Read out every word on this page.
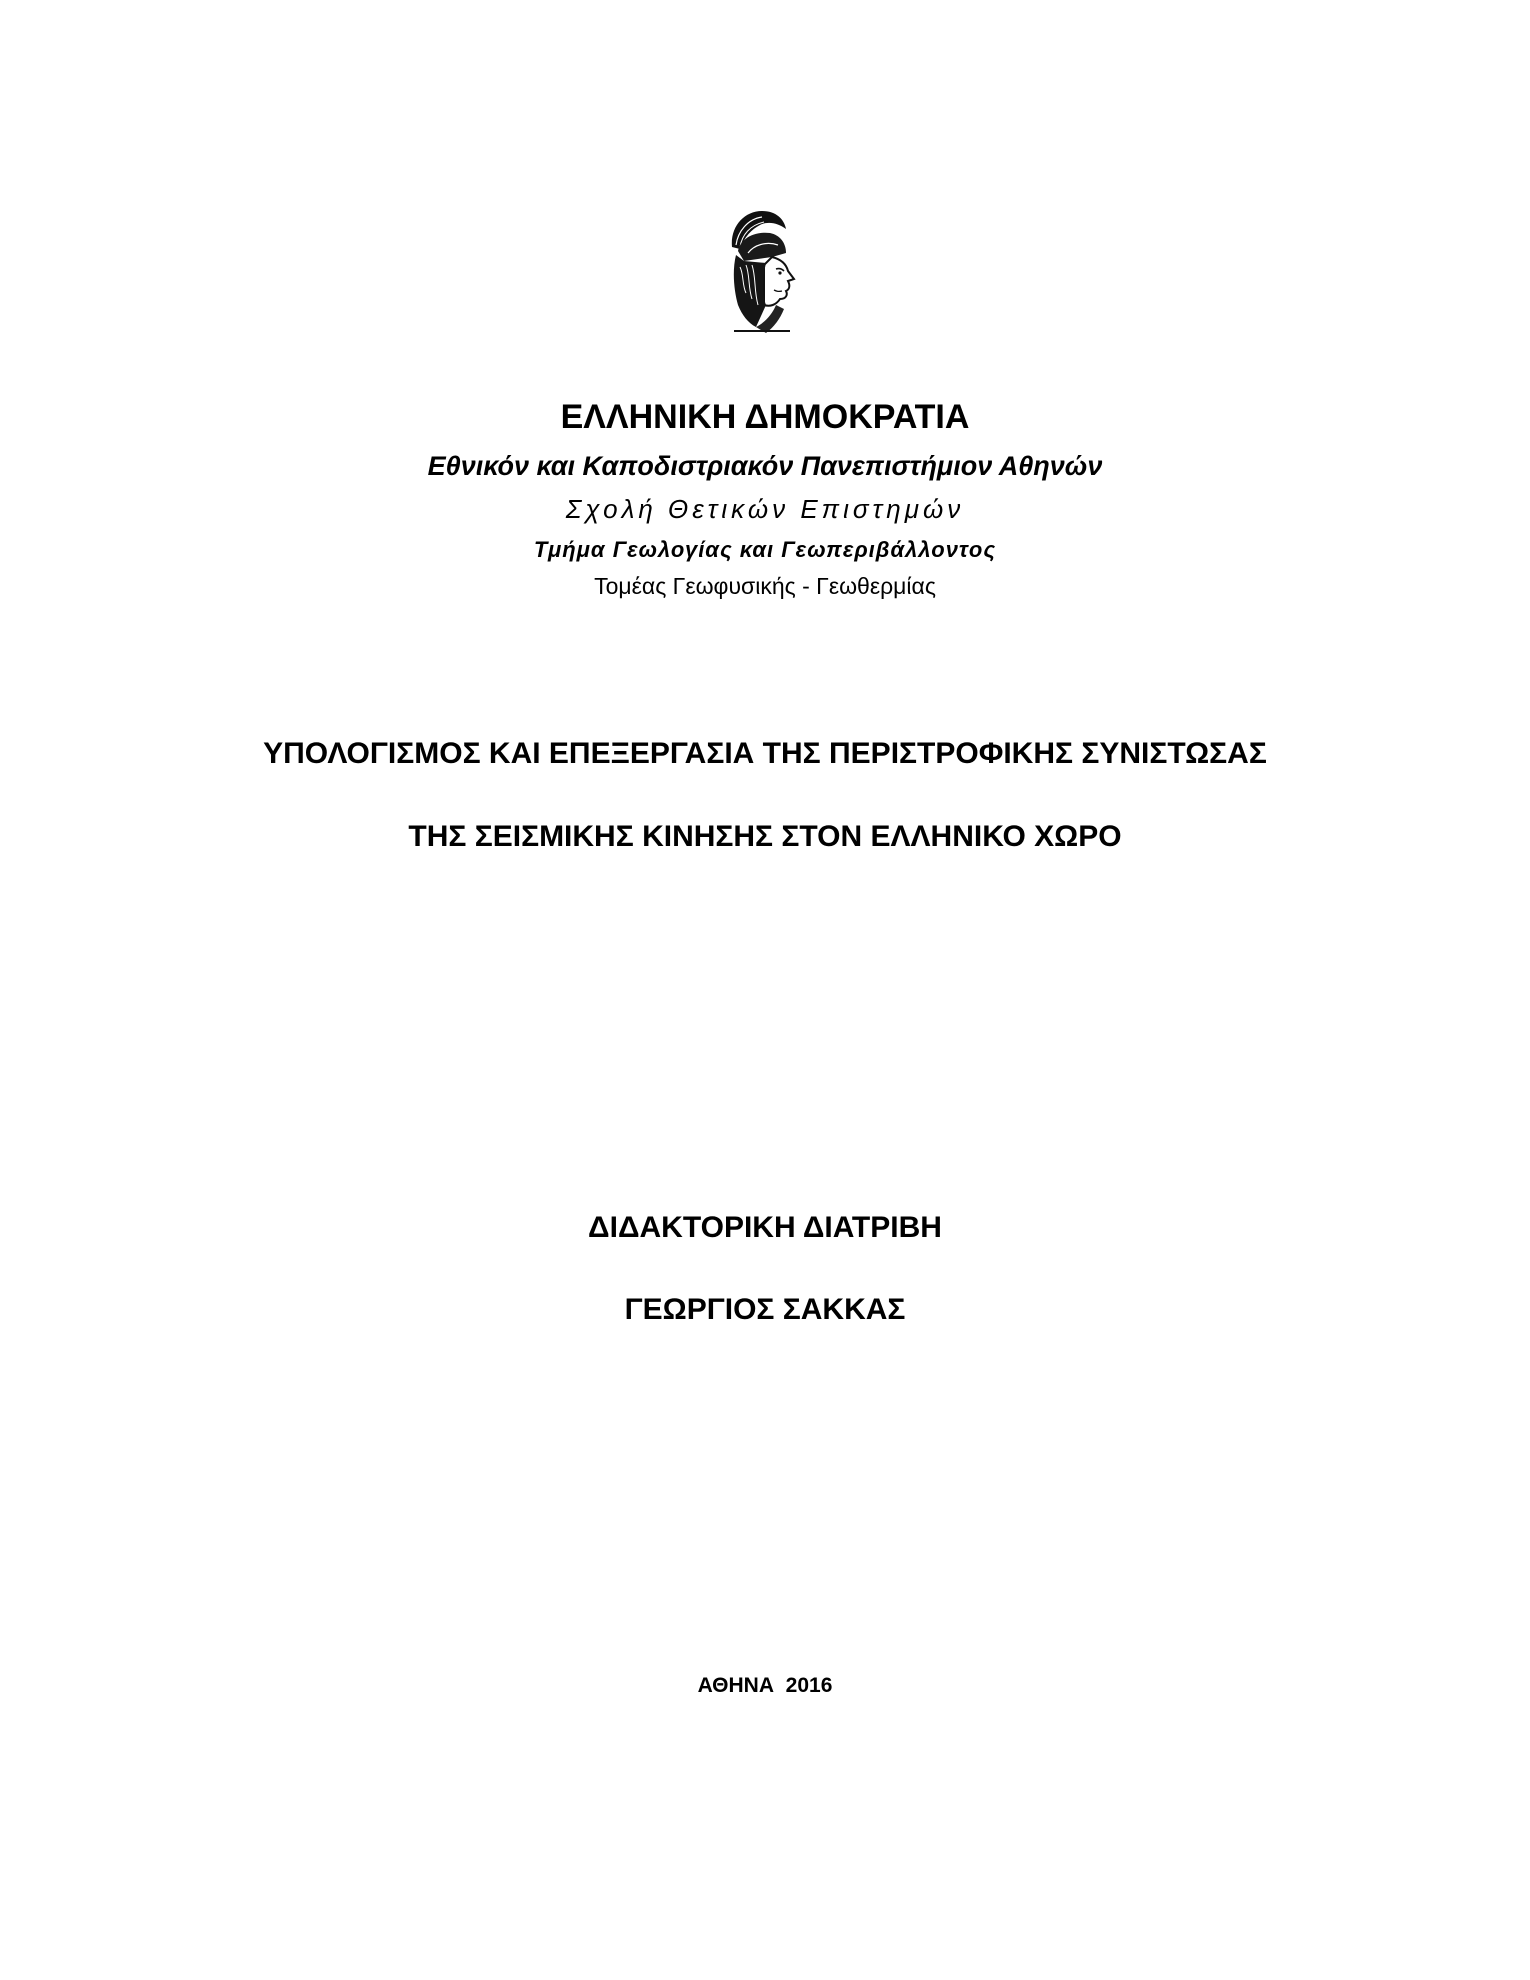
ΕΛΛΗΝΙΚΗ ΔΗΜΟΚΡΑΤΙΑ
Εθνικόν και Καποδιστριακόν Πανεπιστήμιον Αθηνών
Σχολή Θετικών Επιστημών
Τμήμα Γεωλογίας και Γεωπεριβάλλοντος
Τομέας Γεωφυσικής - Γεωθερμίας
ΥΠΟΛΟΓΙΣΜΟΣ ΚΑΙ ΕΠΕΞΕΡΓΑΣΙΑ ΤΗΣ ΠΕΡΙΣΤΡΟΦΙΚΗΣ ΣΥΝΙΣΤΩΣΑΣ
ΤΗΣ ΣΕΙΣΜΙΚΗΣ ΚΙΝΗΣΗΣ ΣΤΟΝ ΕΛΛΗΝΙΚΟ ΧΩΡΟ
ΔΙΔΑΚΤΟΡΙΚΗ ΔΙΑΤΡΙΒΗ
ΓΕΩΡΓΙΟΣ ΣΑΚΚΑΣ
ΑΘΗΝΑ  2016
